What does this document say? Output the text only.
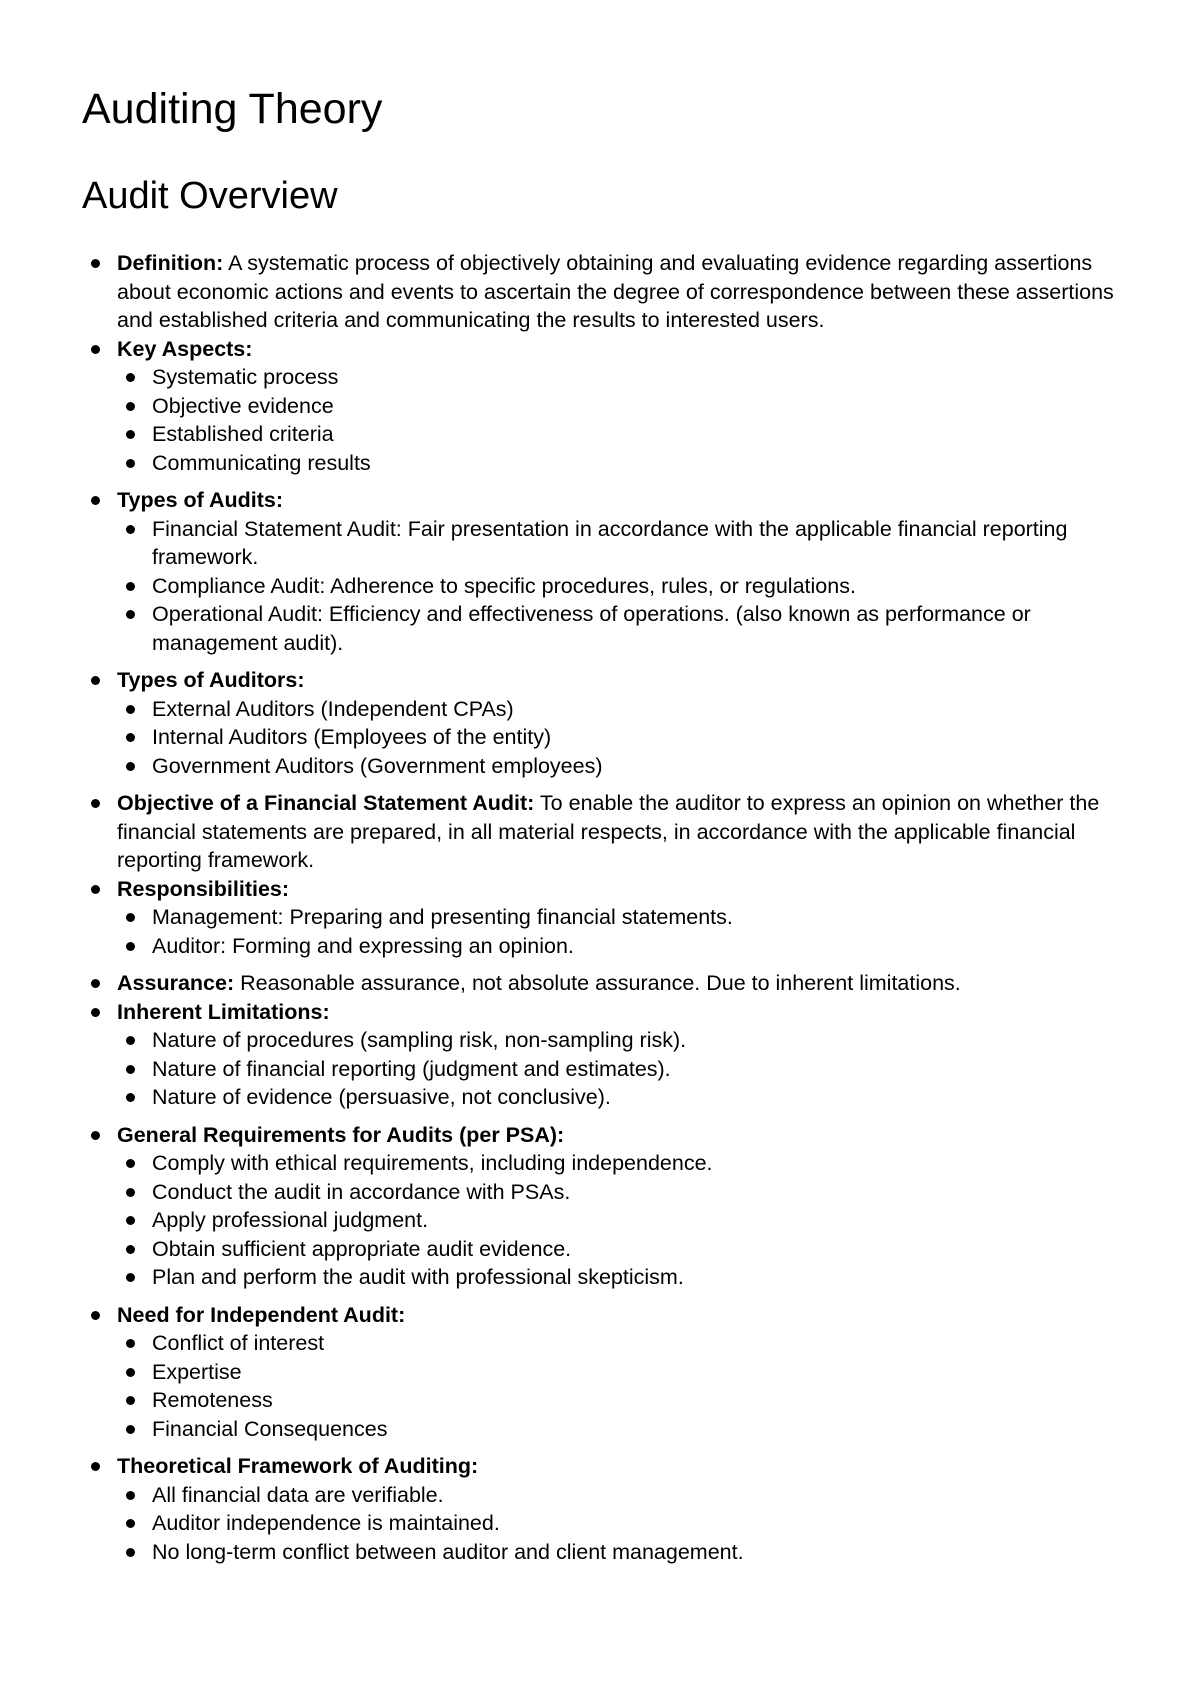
Auditing Theory
Audit Overview
Definition: A systematic process of objectively obtaining and evaluating evidence regarding assertions about economic actions and events to ascertain the degree of correspondence between these assertions and established criteria and communicating the results to interested users.
Key Aspects:
Systematic process
Objective evidence
Established criteria
Communicating results
Types of Audits:
Financial Statement Audit: Fair presentation in accordance with the applicable financial reporting framework.
Compliance Audit: Adherence to specific procedures, rules, or regulations.
Operational Audit: Efficiency and effectiveness of operations. (also known as performance or management audit).
Types of Auditors:
External Auditors (Independent CPAs)
Internal Auditors (Employees of the entity)
Government Auditors (Government employees)
Objective of a Financial Statement Audit: To enable the auditor to express an opinion on whether the financial statements are prepared, in all material respects, in accordance with the applicable financial reporting framework.
Responsibilities:
Management: Preparing and presenting financial statements.
Auditor: Forming and expressing an opinion.
Assurance: Reasonable assurance, not absolute assurance. Due to inherent limitations.
Inherent Limitations:
Nature of procedures (sampling risk, non-sampling risk).
Nature of financial reporting (judgment and estimates).
Nature of evidence (persuasive, not conclusive).
General Requirements for Audits (per PSA):
Comply with ethical requirements, including independence.
Conduct the audit in accordance with PSAs.
Apply professional judgment.
Obtain sufficient appropriate audit evidence.
Plan and perform the audit with professional skepticism.
Need for Independent Audit:
Conflict of interest
Expertise
Remoteness
Financial Consequences
Theoretical Framework of Auditing:
All financial data are verifiable.
Auditor independence is maintained.
No long-term conflict between auditor and client management.
